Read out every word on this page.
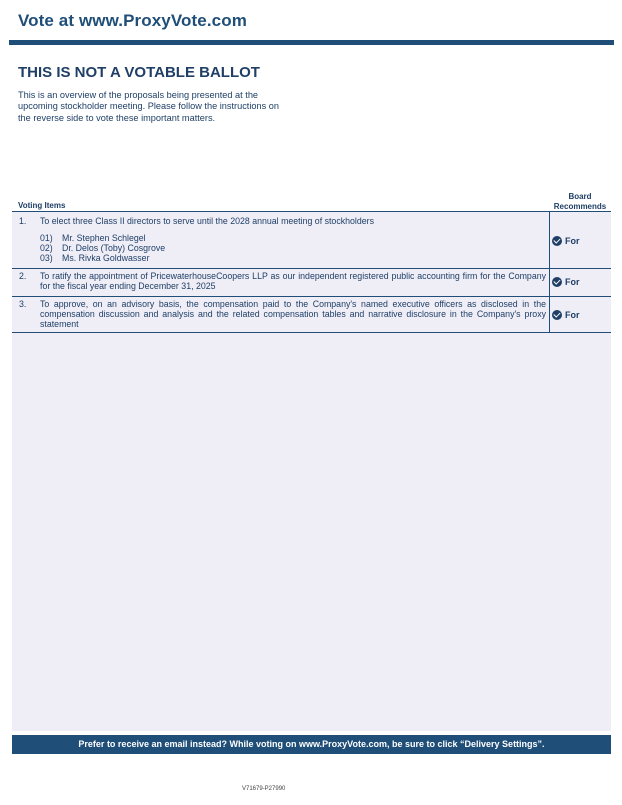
Vote at www.ProxyVote.com
THIS IS NOT A VOTABLE BALLOT
This is an overview of the proposals being presented at the
upcoming stockholder meeting. Please follow the instructions on
the reverse side to vote these important matters.
Voting Items
Board
Recommends
1. To elect three Class II directors to serve until the 2028 annual meeting of stockholders
01) Mr. Stephen Schlegel
02) Dr. Delos (Toby) Cosgrove
03) Ms. Rivka Goldwasser
For
2. To ratify the appointment of PricewaterhouseCoopers LLP as our independent registered public accounting firm for the Company for the fiscal year ending December 31, 2025	For
3. To approve, on an advisory basis, the compensation paid to the Company's named executive officers as disclosed in the compensation discussion and analysis and the related compensation tables and narrative disclosure in the Company's proxy statement
For
Prefer to receive an email instead? While voting on www.ProxyVote.com, be sure to click “Delivery Settings”.
V71679-P27990
